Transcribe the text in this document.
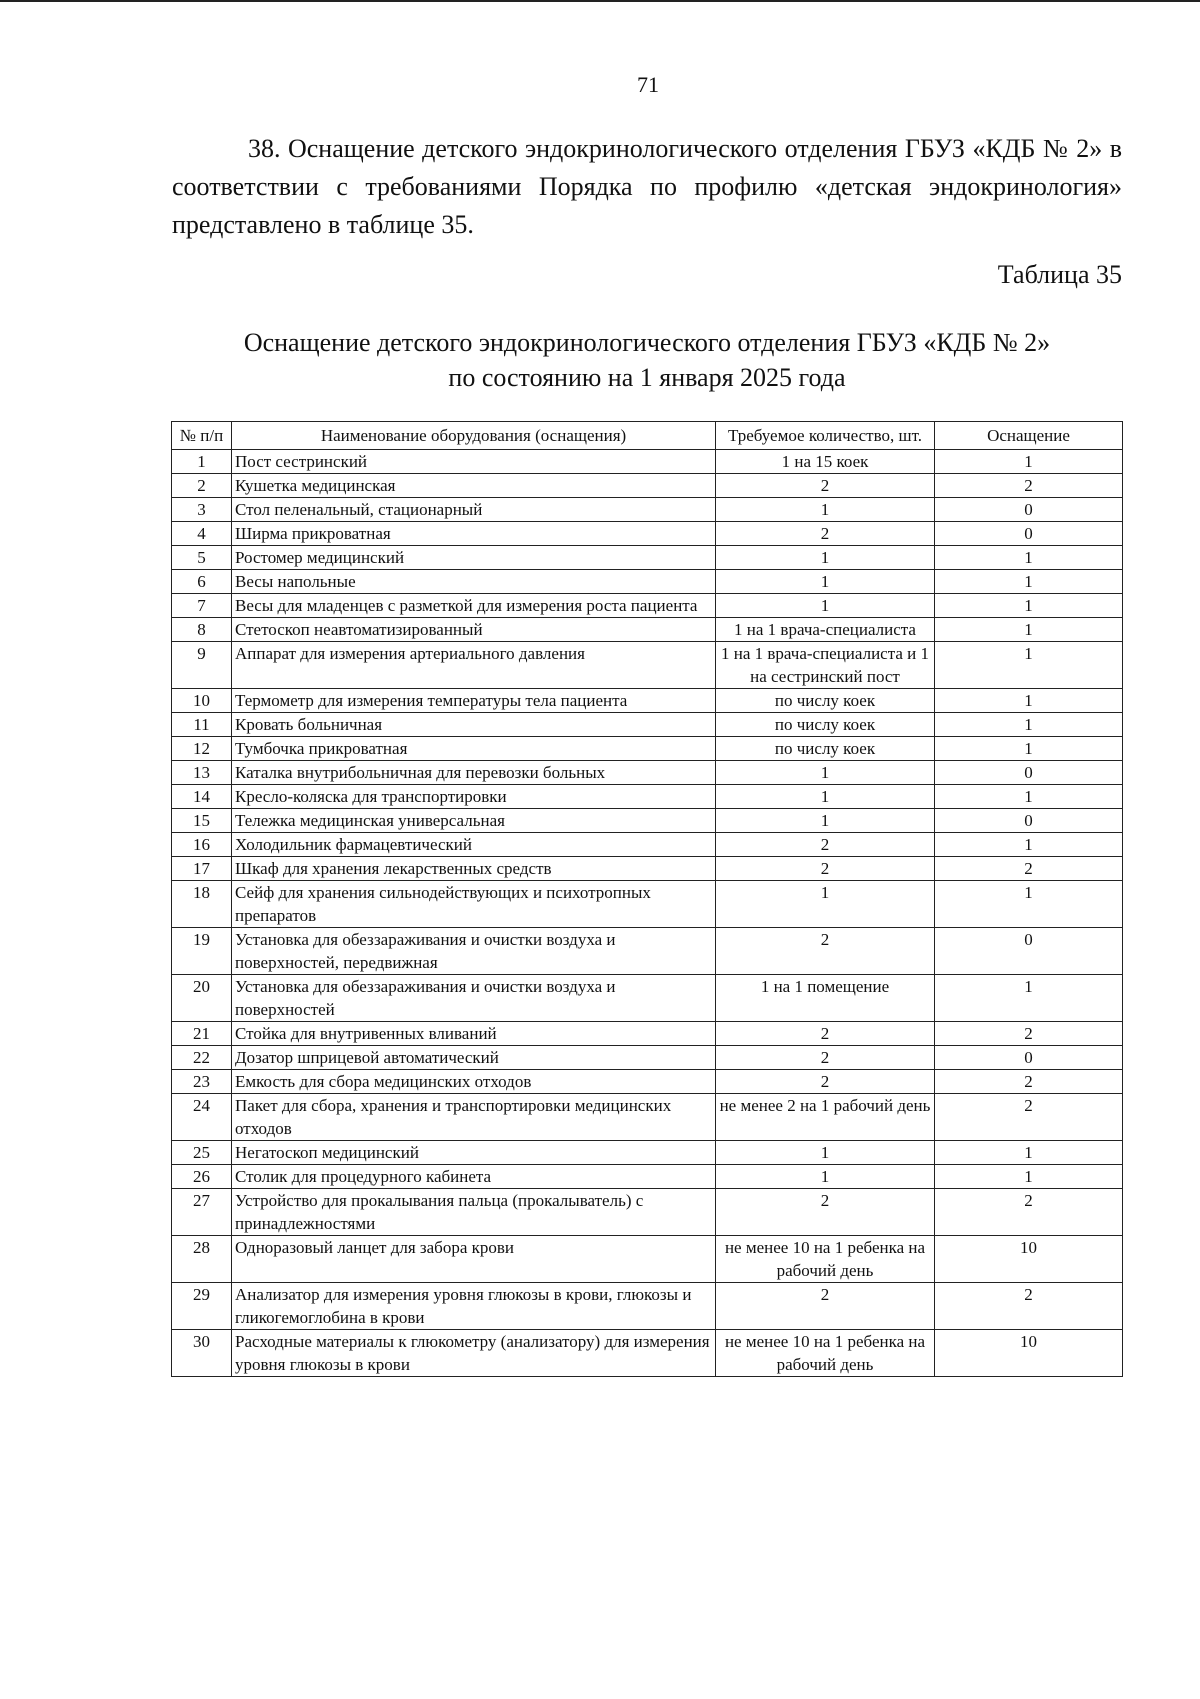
71
38. Оснащение детского эндокринологического отделения ГБУЗ «КДБ № 2» в соответствии с требованиями Порядка по профилю «детская эндокринология» представлено в таблице 35.
Таблица 35
Оснащение детского эндокринологического отделения ГБУЗ «КДБ № 2»
по состоянию на 1 января 2025 года
№ п/п	Наименование оборудования (оснащения)	Требуемое количество, шт.	Оснащение
1	Пост сестринский	1 на 15 коек	1
2	Кушетка медицинская	2	2
3	Стол пеленальный, стационарный	1	0
4	Ширма прикроватная	2	0
5	Ростомер медицинский	1	1
6	Весы напольные	1	1
7	Весы для младенцев с разметкой для измерения роста пациента	1	1
8	Стетоскоп неавтоматизированный	1 на 1 врача-специалиста	1
9	Аппарат для измерения артериального давления	1 на 1 врача-специалиста и 1 на сестринский пост	1
10	Термометр для измерения температуры тела пациента	по числу коек	1
11	Кровать больничная	по числу коек	1
12	Тумбочка прикроватная	по числу коек	1
13	Каталка внутрибольничная для перевозки больных	1	0
14	Кресло-коляска для транспортировки	1	1
15	Тележка медицинская универсальная	1	0
16	Холодильник фармацевтический	2	1
17	Шкаф для хранения лекарственных средств	2	2
18	Сейф для хранения сильнодействующих и психотропных препаратов	1	1
19	Установка для обеззараживания и очистки воздуха и поверхностей, передвижная	2	0
20	Установка для обеззараживания и очистки воздуха и поверхностей	1 на 1 помещение	1
21	Стойка для внутривенных вливаний	2	2
22	Дозатор шприцевой автоматический	2	0
23	Емкость для сбора медицинских отходов	2	2
24	Пакет для сбора, хранения и транспортировки медицинских отходов	не менее 2 на 1 рабочий день	2
25	Негатоскоп медицинский	1	1
26	Столик для процедурного кабинета	1	1
27	Устройство для прокалывания пальца (прокалыватель) с принадлежностями	2	2
28	Одноразовый ланцет для забора крови	не менее 10 на 1 ребенка на рабочий день	10
29	Анализатор для измерения уровня глюкозы в крови, глюкозы и гликогемоглобина в крови	2	2
30	Расходные материалы к глюкометру (анализатору) для измерения уровня глюкозы в крови	не менее 10 на 1 ребенка на рабочий день	10
